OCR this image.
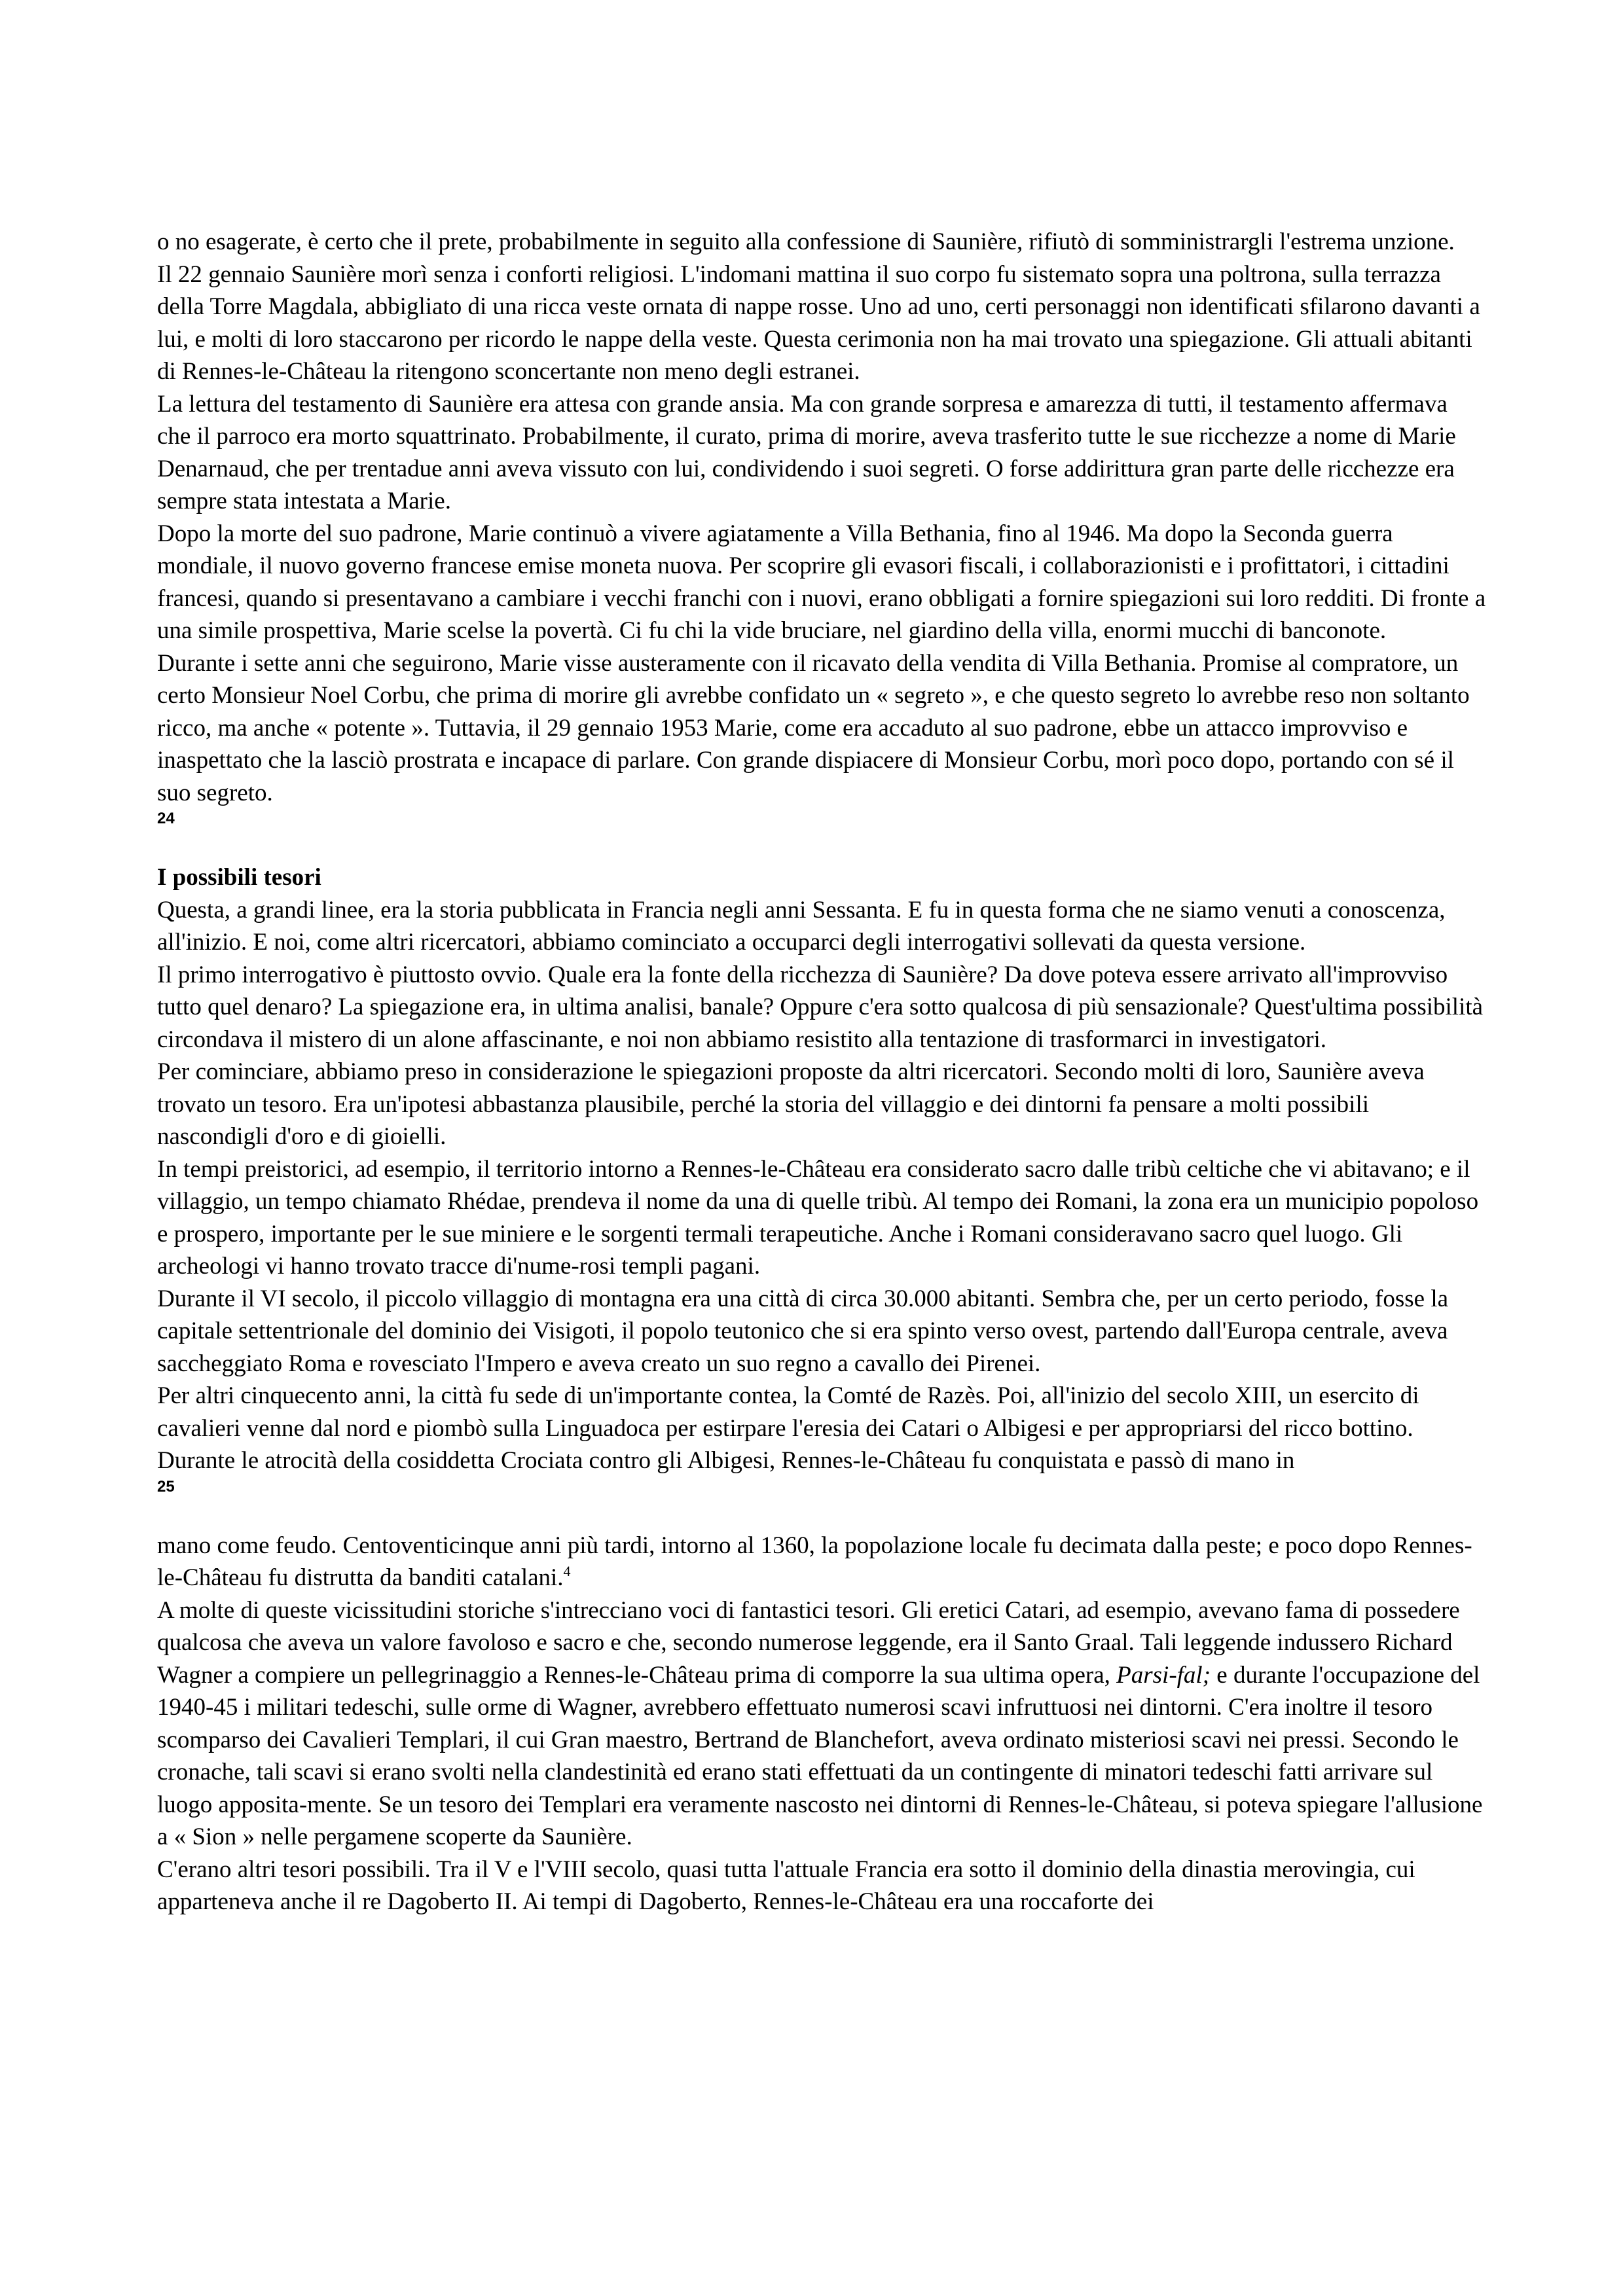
o no esagerate, è certo che il prete, probabilmente in seguito alla confessione di Saunière, rifiutò di somministrargli l'estrema unzione.

Il 22 gennaio Saunière morì senza i conforti religiosi. L'indomani mattina il suo corpo fu sistemato sopra una poltrona, sulla terrazza della Torre Magdala, abbigliato di una ricca veste ornata di nappe rosse. Uno ad uno, certi personaggi non identificati sfilarono davanti a lui, e molti di loro staccarono per ricordo le nappe della veste. Questa cerimonia non ha mai trovato una spiegazione. Gli attuali abitanti di Rennes-le-Château la ritengono sconcertante non meno degli estranei.

La lettura del testamento di Saunière era attesa con grande ansia. Ma con grande sorpresa e amarezza di tutti, il testamento affermava che il parroco era morto squattrinato. Probabilmente, il curato, prima di morire, aveva trasferito tutte le sue ricchezze a nome di Marie Denarnaud, che per trentadue anni aveva vissuto con lui, condividendo i suoi segreti. O forse addirittura gran parte delle ricchezze era sempre stata intestata a Marie.

Dopo la morte del suo padrone, Marie continuò a vivere agiatamente a Villa Bethania, fino al 1946. Ma dopo la Seconda guerra mondiale, il nuovo governo francese emise moneta nuova. Per scoprire gli evasori fiscali, i collaborazionisti e i profittatori, i cittadini francesi, quando si presentavano a cambiare i vecchi franchi con i nuovi, erano obbligati a fornire spiegazioni sui loro redditi. Di fronte a una simile prospettiva, Marie scelse la povertà. Ci fu chi la vide bruciare, nel giardino della villa, enormi mucchi di banconote.

Durante i sette anni che seguirono, Marie visse austeramente con il ricavato della vendita di Villa Bethania. Promise al compratore, un certo Monsieur Noel Corbu, che prima di morire gli avrebbe confidato un « segreto », e che questo segreto lo avrebbe reso non soltanto ricco, ma anche « potente ». Tuttavia, il 29 gennaio 1953 Marie, come era accaduto al suo padrone, ebbe un attacco improvviso e inaspettato che la lasciò prostrata e incapace di parlare. Con grande dispiacere di Monsieur Corbu, morì poco dopo, portando con sé il suo segreto.

24
I possibili tesori

Questa, a grandi linee, era la storia pubblicata in Francia negli anni Sessanta. E fu in questa forma che ne siamo venuti a conoscenza, all'inizio. E noi, come altri ricercatori, abbiamo cominciato a occuparci degli interrogativi sollevati da questa versione.

Il primo interrogativo è piuttosto ovvio. Quale era la fonte della ricchezza di Saunière? Da dove poteva essere arrivato all'improvviso tutto quel denaro? La spiegazione era, in ultima analisi, banale? Oppure c'era sotto qualcosa di più sensazionale? Quest'ultima possibilità circondava il mistero di un alone affascinante, e noi non abbiamo resistito alla tentazione di trasformarci in investigatori.

Per cominciare, abbiamo preso in considerazione le spiegazioni proposte da altri ricercatori. Secondo molti di loro, Saunière aveva trovato un tesoro. Era un'ipotesi abbastanza plausibile, perché la storia del villaggio e dei dintorni fa pensare a molti possibili nascondigli d'oro e di gioielli.

In tempi preistorici, ad esempio, il territorio intorno a Rennes-le-Château era considerato sacro dalle tribù celtiche che vi abitavano; e il villaggio, un tempo chiamato Rhédae, prendeva il nome da una di quelle tribù. Al tempo dei Romani, la zona era un municipio popoloso e prospero, importante per le sue miniere e le sorgenti termali terapeutiche. Anche i Romani consideravano sacro quel luogo. Gli archeologi vi hanno trovato tracce di'nume-rosi templi pagani.

Durante il VI secolo, il piccolo villaggio di montagna era una città di circa 30.000 abitanti. Sembra che, per un certo periodo, fosse la capitale settentrionale del dominio dei Visigoti, il popolo teutonico che si era spinto verso ovest, partendo dall'Europa centrale, aveva saccheggiato Roma e rovesciato l'Impero e aveva creato un suo regno a cavallo dei Pirenei.

Per altri cinquecento anni, la città fu sede di un'importante contea, la Comté de Razès. Poi, all'inizio del secolo XIII, un esercito di cavalieri venne dal nord e piombò sulla Linguadoca per estirpare l'eresia dei Catari o Albigesi e per appropriarsi del ricco bottino. Durante le atrocità della cosiddetta Crociata contro gli Albigesi, Rennes-le-Château fu conquistata e passò di mano in

25

mano come feudo. Centoventicinque anni più tardi, intorno al 1360, la popolazione locale fu decimata dalla peste; e poco dopo Rennes-le-Château fu distrutta da banditi catalani.$^4$

A molte di queste vicissitudini storiche s'intrecciano voci di fantastici tesori. Gli eretici Catari, ad esempio, avevano fama di possedere qualcosa che aveva un valore favoloso e sacro e che, secondo numerose leggende, era il Santo Graal. Tali leggende indussero Richard Wagner a compiere un pellegrinaggio a Rennes-le-Château prima di comporre la sua ultima opera, Parsi-fal; e durante l'occupazione del 1940-45 i militari tedeschi, sulle orme di Wagner, avrebbero effettuato numerosi scavi infruttuosi nei dintorni. C'era inoltre il tesoro scomparso dei Cavalieri Templari, il cui Gran maestro, Bertrand de Blanchefort, aveva ordinato misteriosi scavi nei pressi. Secondo le cronache, tali scavi si erano svolti nella clandestinità ed erano stati effettuati da un contingente di minatori tedeschi fatti arrivare sul luogo apposita-mente. Se un tesoro dei Templari era veramente nascosto nei dintorni di Rennes-le-Château, si poteva spiegare l'allusione a « Sion » nelle pergamene scoperte da Saunière.

C'erano altri tesori possibili. Tra il V e l'VIII secolo, quasi tutta l'attuale Francia era sotto il dominio della dinastia merovingia, cui apparteneva anche il re Dagoberto II. Ai tempi di Dagoberto, Rennes-le-Château era una roccaforte dei
